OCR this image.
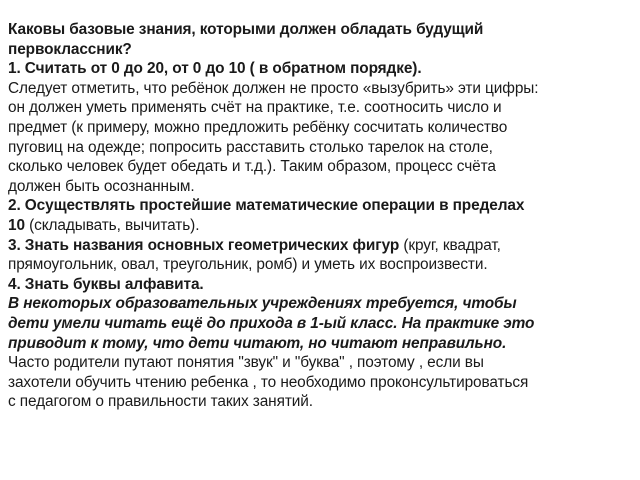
Каковы базовые знания, которыми должен обладать будущий
первоклассник?
1. Считать от 0 до 20, от 0 до 10 ( в обратном порядке).
Следует отметить, что ребёнок должен не просто «вызубрить» эти цифры:
он должен уметь применять счёт на практике, т.е. соотносить число и
предмет (к примеру, можно предложить ребёнку сосчитать количество
пуговиц на одежде; попросить расставить столько тарелок на столе,
сколько человек будет обедать и т.д.). Таким образом, процесс счёта
должен быть осознанным.
2. Осуществлять простейшие математические операции в пределах
10 (складывать, вычитать).
3. Знать названия основных геометрических фигур (круг, квадрат,
прямоугольник, овал, треугольник, ромб) и уметь их воспроизвести.
4. Знать буквы алфавита.
В некоторых образовательных учреждениях требуется, чтобы
дети умели читать ещё до прихода в 1-ый класс. На практике это
приводит к тому, что дети читают, но читают неправильно.
Часто родители путают понятия "звук" и "буква" , поэтому , если вы
захотели обучить чтению ребенка , то необходимо проконсультироваться
с педагогом о правильности таких занятий.
